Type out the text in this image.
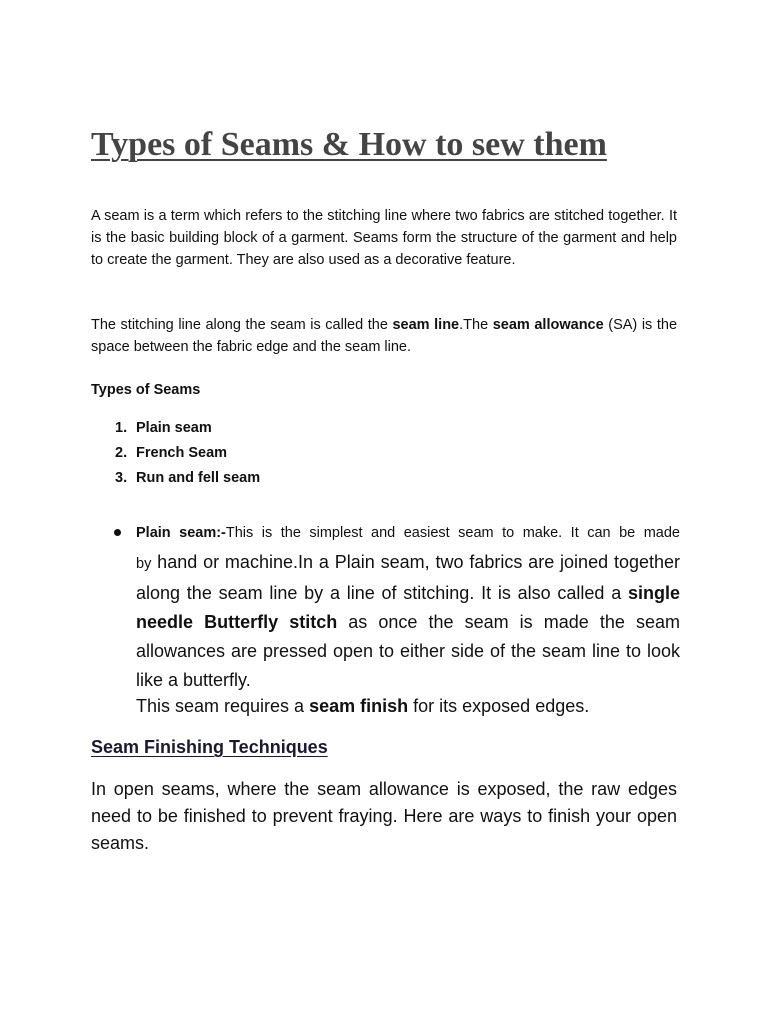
Types of Seams & How to sew them

A seam is a term which refers to the stitching line where two fabrics are stitched together. It is the basic building block of a garment. Seams form the structure of the garment and help to create the garment. They are also used as a decorative feature.

The stitching line along the seam is called the seam line.The seam allowance (SA) is the space between the fabric edge and the seam line.

Types of Seams
1. Plain seam
2. French Seam
3. Run and fell seam

Plain seam:-This is the simplest and easiest seam to make. It can be made

by hand or machine.In a Plain seam, two fabrics are joined together along the seam line by a line of stitching. It is also called a single needle Butterfly stitch as once the seam is made the seam allowances are pressed open to either side of the seam line to look like a butterfly.

This seam requires a seam finish for its exposed edges.

Seam Finishing Techniques

In open seams, where the seam allowance is exposed, the raw edges need to be finished to prevent fraying. Here are ways to finish your open seams.
